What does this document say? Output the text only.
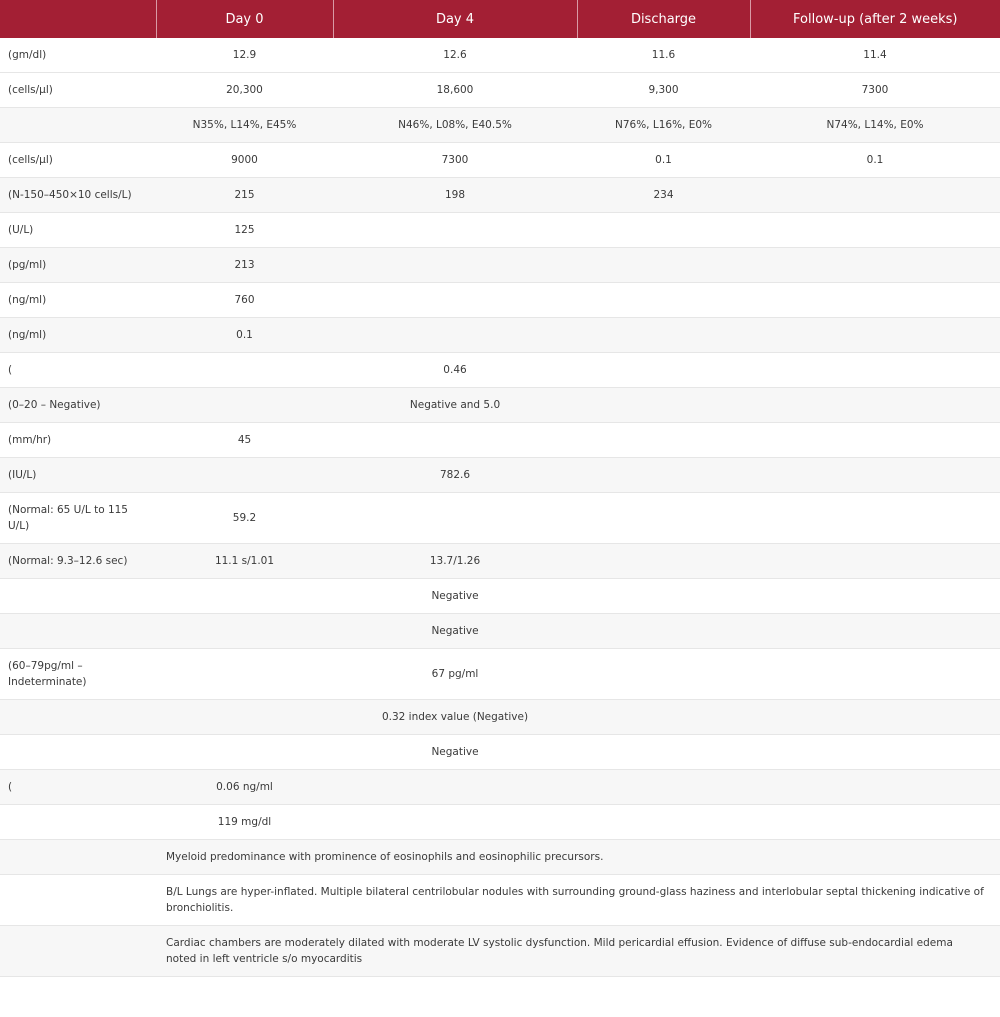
	Day 0	Day 4	Discharge	Follow-up (after 2 weeks)
(gm/dl)	12.9	12.6	11.6	11.4
(cells/μl)	20,300	18,600	9,300	7300
	N35%, L14%, E45%	N46%, L08%, E40.5%	N76%, L16%, E0%	N74%, L14%, E0%
(cells/μl)	9000	7300	0.1	0.1
(N-150–450×10 cells/L)	215	198	234	
(U/L)	125			
(pg/ml)	213			
(ng/ml)	760			
(ng/ml)	0.1			
(		0.46		
(0–20 – Negative)		Negative and 5.0		
(mm/hr)	45			
(IU/L)		782.6		
(Normal: 65 U/L to 115 U/L)	59.2			
(Normal: 9.3–12.6 sec)	11.1 s/1.01	13.7/1.26		
		Negative		
		Negative		
(60–79pg/ml – Indeterminate)		67 pg/ml		
		0.32 index value (Negative)		
		Negative		
(	0.06 ng/ml			
	119 mg/dl			
	Myeloid predominance with prominence of eosinophils and eosinophilic precursors.			
	B/L Lungs are hyper-inflated. Multiple bilateral centrilobular nodules with surrounding ground-glass haziness and interlobular septal thickening indicative of bronchiolitis.			
	Cardiac chambers are moderately dilated with moderate LV systolic dysfunction. Mild pericardial effusion. Evidence of diffuse sub-endocardial edema noted in left ventricle s/o myocarditis			
